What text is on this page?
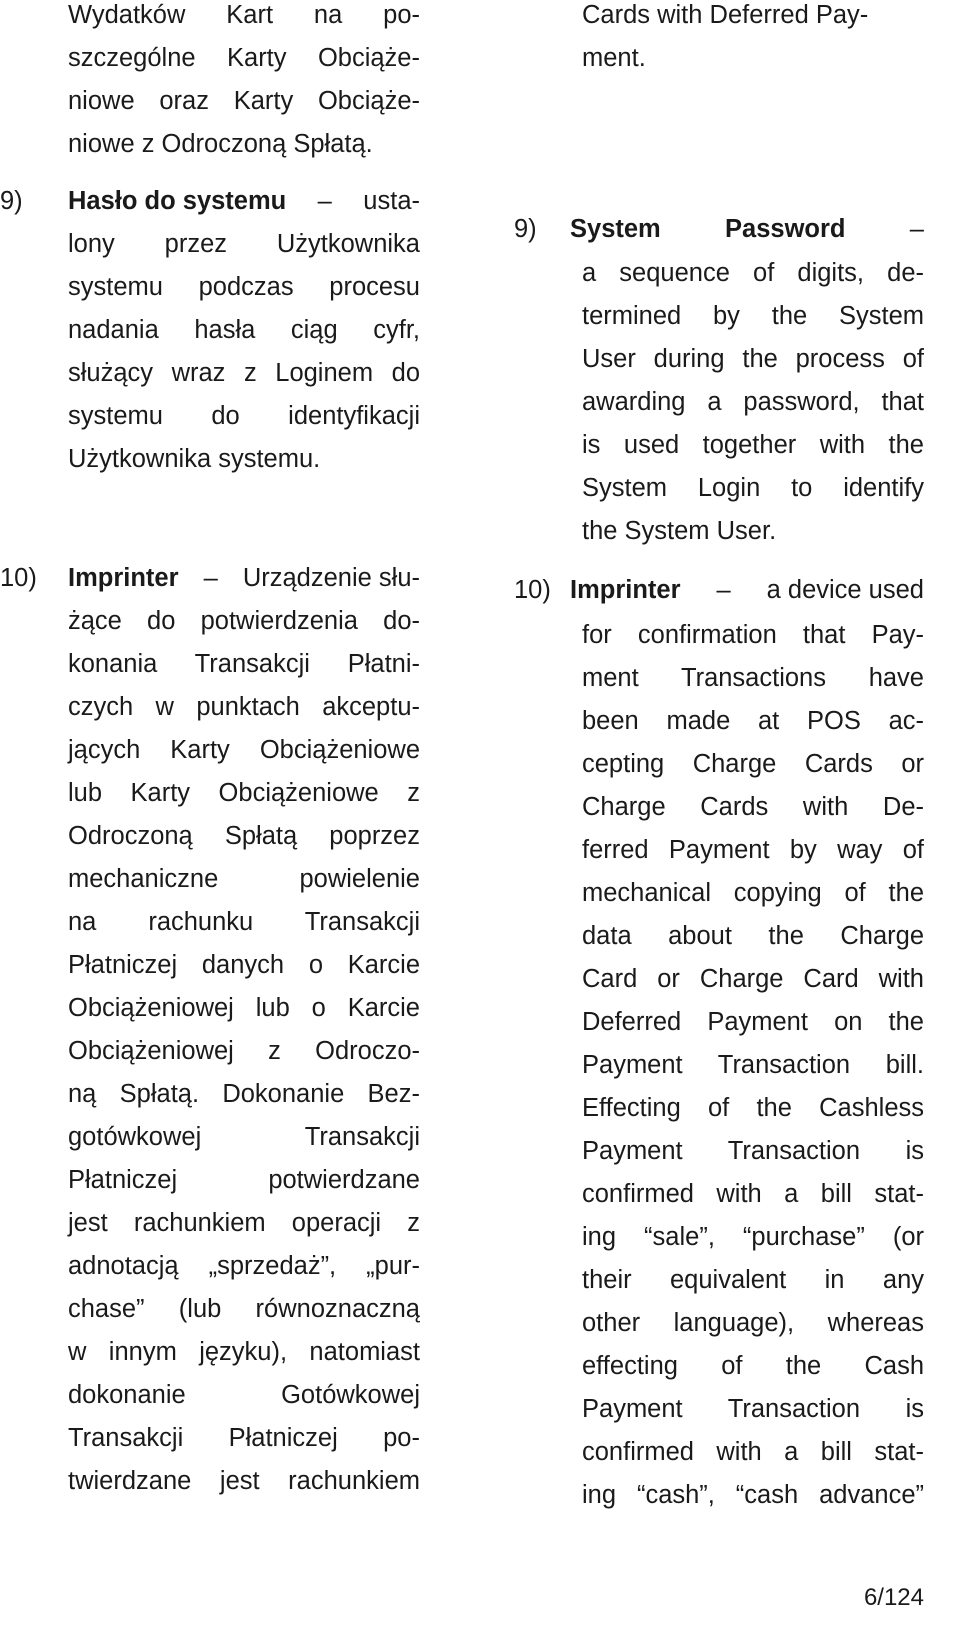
Wydatków Kart na po-
szczególne Karty Obciąże-
niowe oraz Karty Obciąże-
niowe z Odroczoną Spłatą.
9) Hasło do systemu – usta-
lony przez Użytkownika
systemu podczas procesu
nadania hasła ciąg cyfr,
służący wraz z Loginem do
systemu do identyfikacji
Użytkownika systemu.
10) Imprinter – Urządzenie słu-
żące do potwierdzenia do-
konania Transakcji Płatni-
czych w punktach akceptu-
jących Karty Obciążeniowe
lub Karty Obciążeniowe z
Odroczoną Spłatą poprzez
mechaniczne powielenie
na rachunku Transakcji
Płatniczej danych o Karcie
Obciążeniowej lub o Karcie
Obciążeniowej z Odroczo-
ną Spłatą. Dokonanie Bez-
gotówkowej Transakcji
Płatniczej potwierdzane
jest rachunkiem operacji z
adnotacją „sprzedaż”, „pur-
chase” (lub równoznaczną
w innym języku), natomiast
dokonanie Gotówkowej
Transakcji Płatniczej po-
twierdzane jest rachunkiem
Cards with Deferred Pay-
ment.
9) System	Password	–
a sequence of digits, de-
termined by the System
User during the process of
awarding a password, that
is used together with the
System Login to identify
the System User.
10) Imprinter – a device used
for confirmation that Pay-
ment Transactions have
been made at POS ac-
cepting Charge Cards or
Charge Cards with De-
ferred Payment by way of
mechanical copying of the
data about the Charge
Card or Charge Card with
Deferred Payment on the
Payment Transaction bill.
Effecting of the Cashless
Payment Transaction is
confirmed with a bill stat-
ing “sale”, “purchase” (or
their equivalent in any
other language), whereas
effecting of the Cash
Payment Transaction is
confirmed with a bill stat-
ing “cash”, “cash advance”
6/124
